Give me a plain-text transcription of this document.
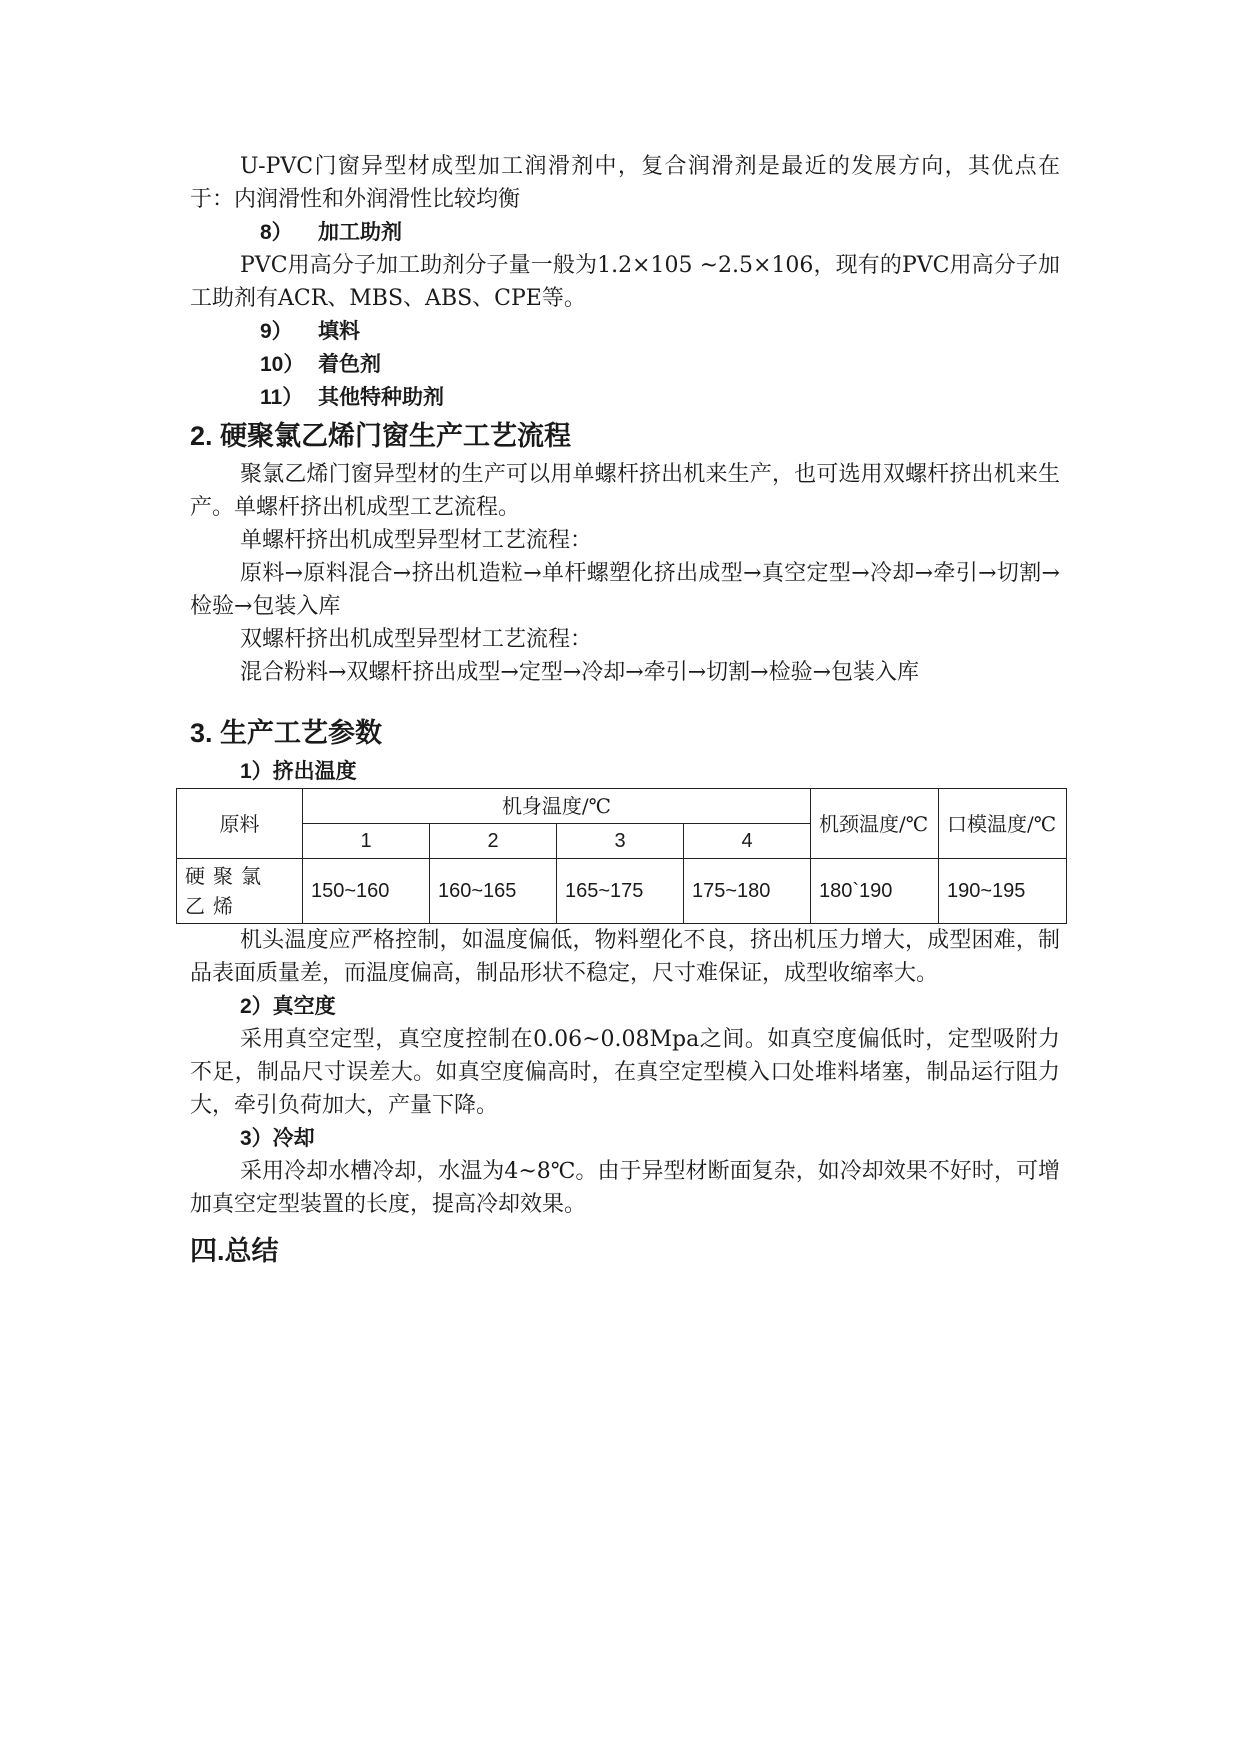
U-PVC门窗异型材成型加工润滑剂中，复合润滑剂是最近的发展方向，其优点在于：内润滑性和外润滑性比较均衡

8） 加工助剂

PVC用高分子加工助剂分子量一般为1.2×105 ~2.5×106，现有的PVC用高分子加工助剂有ACR、MBS、ABS、CPE等。

9） 填料

10） 着色剂

11） 其他特种助剂

2. 硬聚氯乙烯门窗生产工艺流程

聚氯乙烯门窗异型材的生产可以用单螺杆挤出机来生产，也可选用双螺杆挤出机来生产。单螺杆挤出机成型工艺流程。

单螺杆挤出机成型异型材工艺流程：

原料→原料混合→挤出机造粒→单杆螺塑化挤出成型→真空定型→冷却→牵引→切割→检验→包装入库

双螺杆挤出机成型异型材工艺流程：

混合粉料→双螺杆挤出成型→定型→冷却→牵引→切割→检验→包装入库

3. 生产工艺参数

1）挤出温度

原料	机身温度/℃				机颈温度/℃	口模温度/℃
	1	2	3	4		
硬聚氯乙烯	150~160	160~165	165~175	175~180	180`190	190~195

机头温度应严格控制，如温度偏低，物料塑化不良，挤出机压力增大，成型困难，制品表面质量差，而温度偏高，制品形状不稳定，尺寸难保证，成型收缩率大。

2）真空度

采用真空定型，真空度控制在0.06~0.08Mpa之间。如真空度偏低时，定型吸附力不足，制品尺寸误差大。如真空度偏高时，在真空定型模入口处堆料堵塞，制品运行阻力大，牵引负荷加大，产量下降。

3）冷却

采用冷却水槽冷却，水温为4~8℃。由于异型材断面复杂，如冷却效果不好时，可增加真空定型装置的长度，提高冷却效果。

四.总结
